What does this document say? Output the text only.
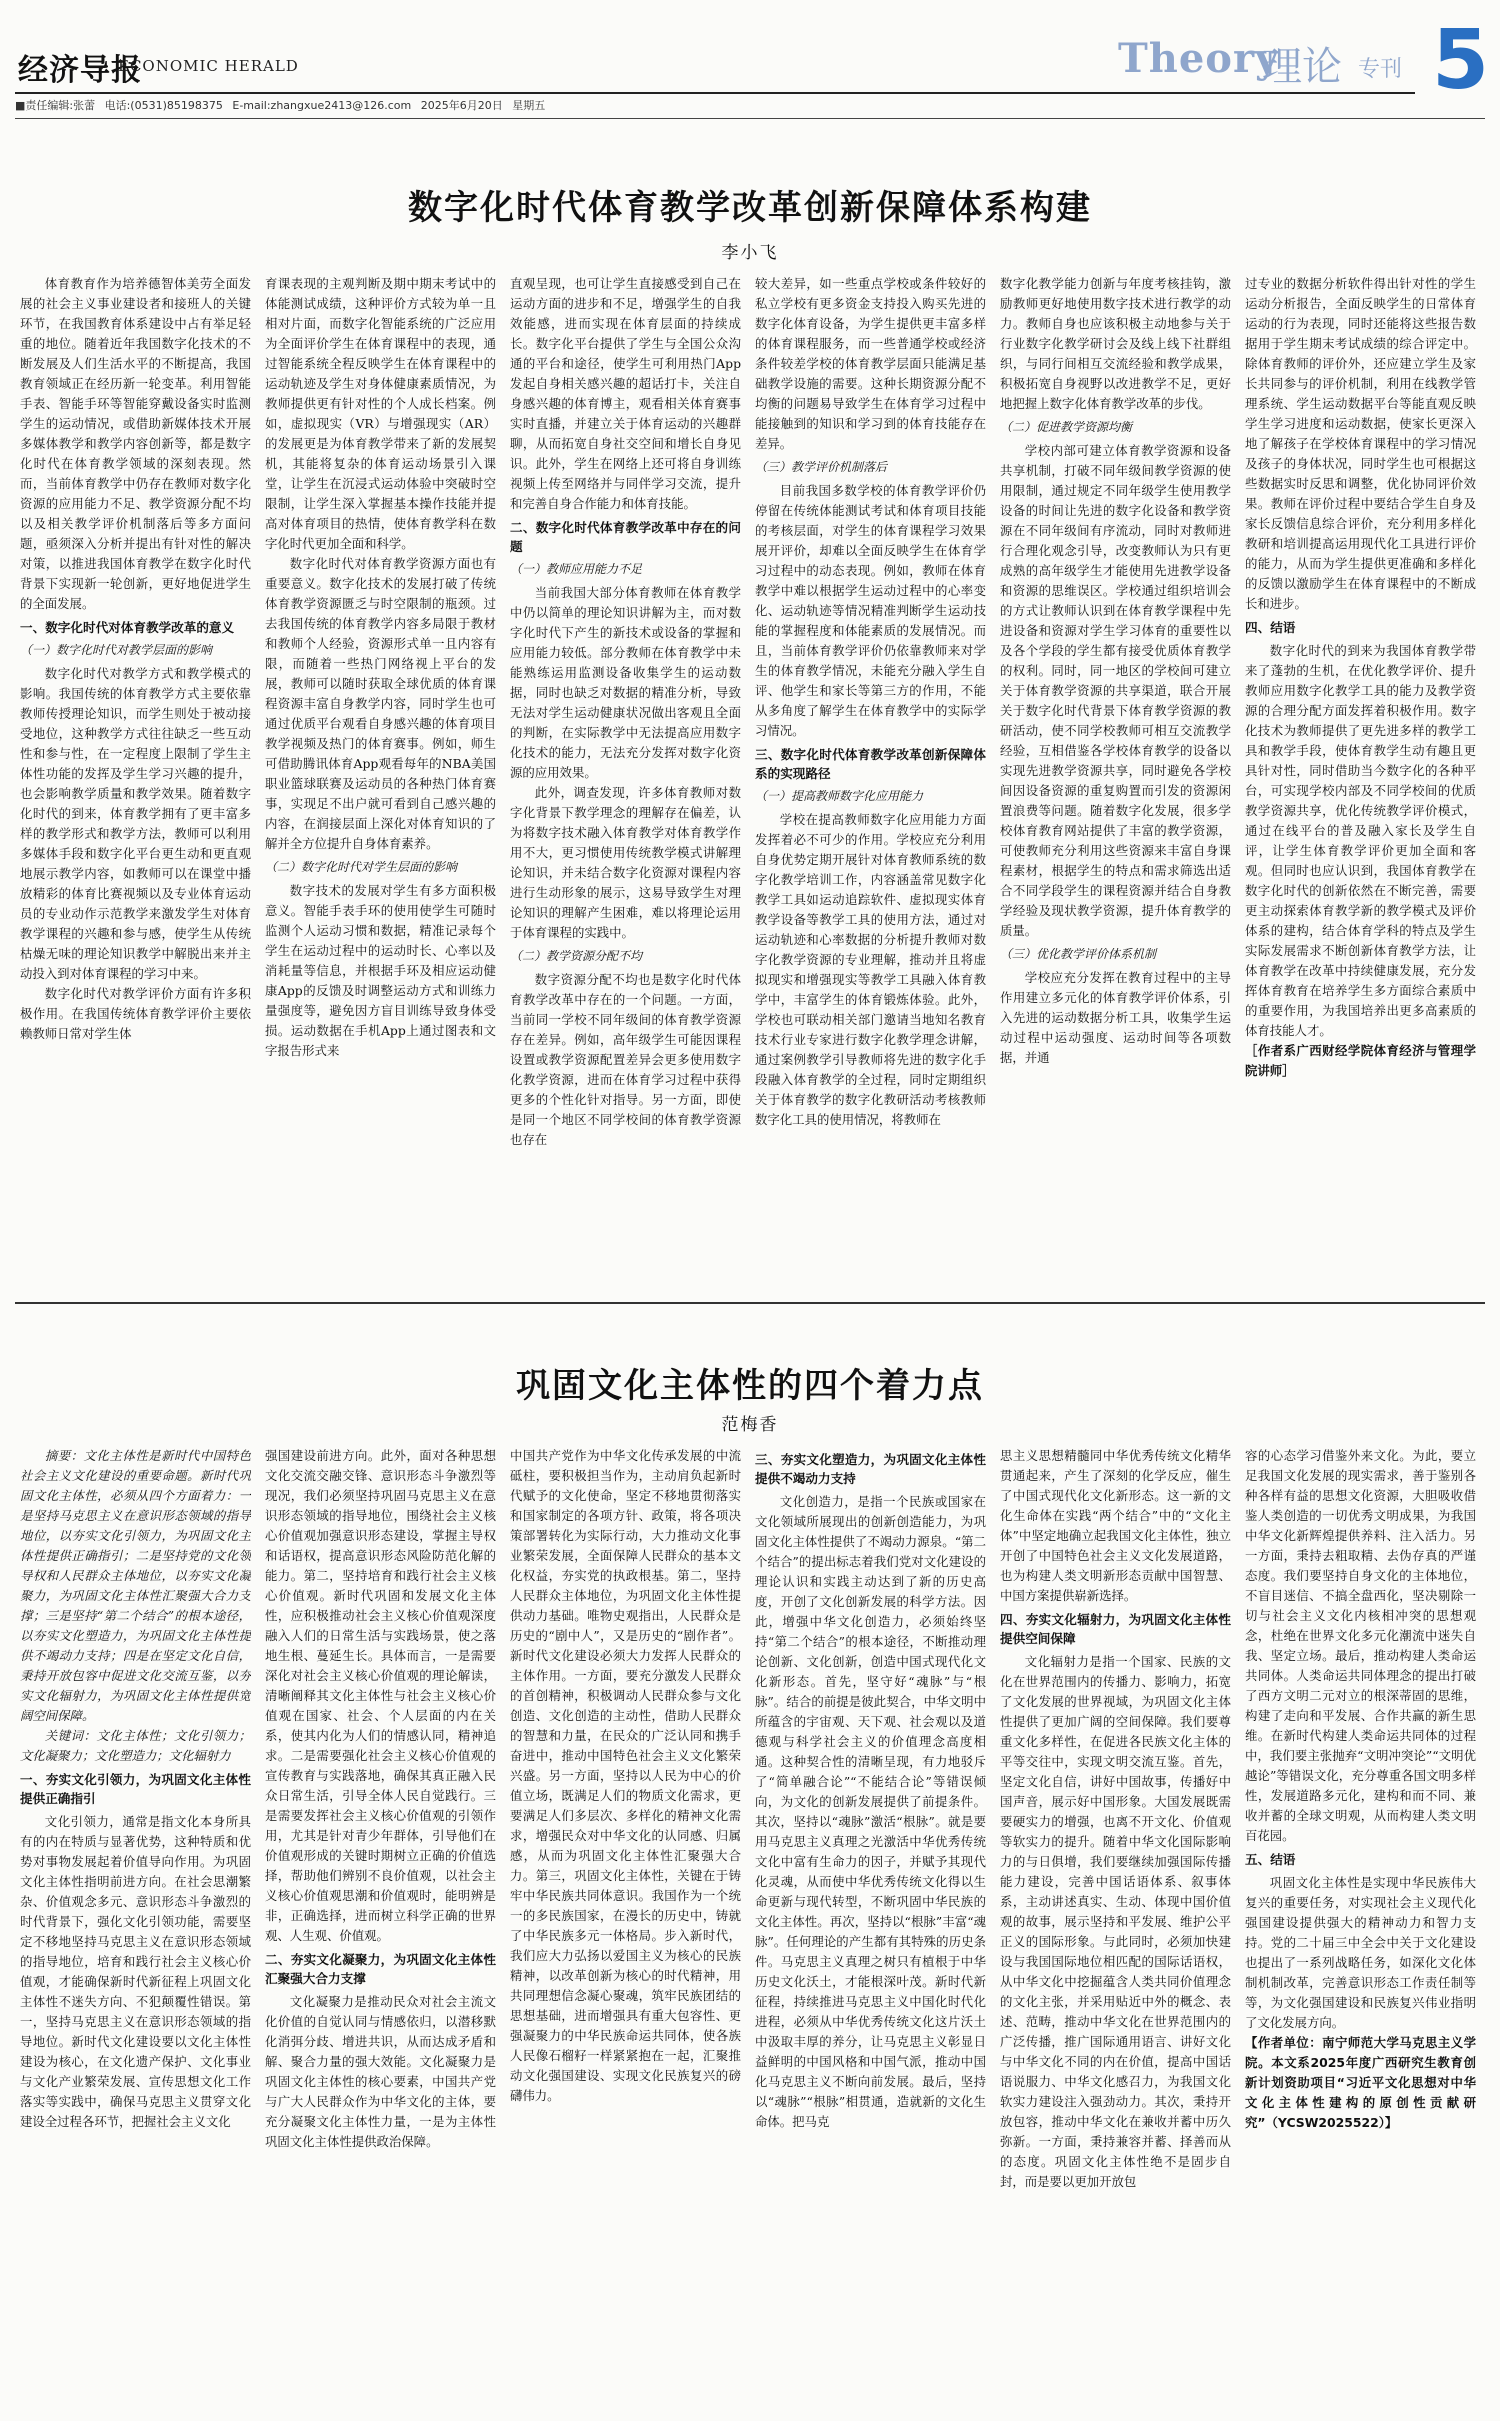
经济导报
ECONOMIC HERALD	Theory
理论 专刊 5
■责任编辑:张蕾 电话:(0531)85198375 E-mail:zhangxue2413@126.com 2025年6月20日 星期五
数字化时代体育教学改革创新保障体系构建
李小飞

体育教育作为培养德智体美劳全面发展的社会主义事业建设者和接班人的关键环节，在我国教育体系建设中占有举足轻重的地位。随着近年我国数字化技术的不断发展及人们生活水平的不断提高，我国教育领域正在经历新一轮变革。利用智能手表、智能手环等智能穿戴设备实时监测学生的运动情况，或借助新媒体技术开展多媒体教学和教学内容创新等，都是数字化时代在体育教学领域的深刻表现。然而，当前体育教学中仍存在教师对数字化资源的应用能力不足、教学资源分配不均以及相关教学评价机制落后等多方面问题，亟须深入分析并提出有针对性的解决对策，以推进我国体育教学在数字化时代背景下实现新一轮创新，更好地促进学生的全面发展。

一、数字化时代对体育教学改革的意义
（一）数字化时代对教学层面的影响

数字化时代对教学方式和教学模式的影响。我国传统的体育教学方式主要依靠教师传授理论知识，而学生则处于被动接受地位，这种教学方式往往缺乏一些互动性和参与性，在一定程度上限制了学生主体性功能的发挥及学生学习兴趣的提升，也会影响教学质量和教学效果。随着数字化时代的到来，体育教学拥有了更丰富多样的教学形式和教学方法，教师可以利用多媒体手段和数字化平台更生动和更直观地展示教学内容，如教师可以在课堂中播放精彩的体育比赛视频以及专业体育运动员的专业动作示范教学来激发学生对体育教学课程的兴趣和参与感，使学生从传统枯燥无味的理论知识教学中解脱出来并主动投入到对体育课程的学习中来。

数字化时代对教学评价方面有许多积极作用。在我国传统体育教学评价主要依赖教师日常对学生体

育课表现的主观判断及期中期末考试中的体能测试成绩，这种评价方式较为单一且相对片面，而数字化智能系统的广泛应用为全面评价学生在体育课程中的表现，通过智能系统全程反映学生在体育课程中的运动轨迹及学生对身体健康素质情况，为教师提供更有针对性的个人成长档案。例如，虚拟现实（VR）与增强现实（AR）的发展更是为体育教学带来了新的发展契机，其能将复杂的体育运动场景引入课堂，让学生在沉浸式运动体验中突破时空限制，让学生深入掌握基本操作技能并提高对体育项目的热情，使体育教学科在数字化时代更加全面和科学。

数字化时代对体育教学资源方面也有重要意义。数字化技术的发展打破了传统体育教学资源匮乏与时空限制的瓶颈。过去我国传统的体育教学内容多局限于教材和教师个人经验，资源形式单一且内容有限，而随着一些热门网络视上平台的发展，教师可以随时获取全球优质的体育课程资源丰富自身教学内容，同时学生也可通过优质平台观看自身感兴趣的体育项目教学视频及热门的体育赛事。例如，师生可借助腾讯体育App观看每年的NBA美国职业篮球联赛及运动员的各种热门体育赛事，实现足不出户就可看到自己感兴趣的内容，在润接层面上深化对体育知识的了解并全方位提升自身体育素养。

（二）数字化时代对学生层面的影响

数字技术的发展对学生有多方面积极意义。智能手表手环的使用使学生可随时监测个人运动习惯和数据，精准记录每个学生在运动过程中的运动时长、心率以及消耗量等信息，并根据手环及相应运动健康App的反馈及时调整运动方式和训练力量强度等，避免因方盲目训练导致身体受损。运动数据在手机App上通过图表和文字报告形式来

直观呈现，也可让学生直接感受到自己在运动方面的进步和不足，增强学生的自我效能感，进而实现在体育层面的持续成长。数字化平台提供了学生与全国公众沟通的平台和途径，使学生可利用热门App发起自身相关感兴趣的超话打卡，关注自身感兴趣的体育博主，观看相关体育赛事实时直播，并建立关于体育运动的兴趣群聊，从而拓宽自身社交空间和增长自身见识。此外，学生在网络上还可将自身训练视频上传至网络并与同伴学习交流，提升和完善自身合作能力和体育技能。

二、数字化时代体育教学改革中存在的问题
（一）教师应用能力不足

当前我国大部分体育教师在体育教学中仍以简单的理论知识讲解为主，而对数字化时代下产生的新技术或设备的掌握和应用能力较低。部分教师在体育教学中未能熟练运用监测设备收集学生的运动数据，同时也缺乏对数据的精准分析，导致无法对学生运动健康状况做出客观且全面的判断，在实际教学中无法提高应用数字化技术的能力，无法充分发挥对数字化资源的应用效果。

此外，调查发现，许多体育教师对数字化背景下教学理念的理解存在偏差，认为将数字技术融入体育教学对体育教学作用不大，更习惯使用传统教学模式讲解理论知识，并未结合数字化资源对课程内容进行生动形象的展示，这易导致学生对理论知识的理解产生困难，难以将理论运用于体育课程的实践中。

（二）教学资源分配不均

数字资源分配不均也是数字化时代体育教学改革中存在的一个问题。一方面，当前同一学校不同年级间的体育教学资源存在差异。例如，高年级学生可能因课程设置或教学资源配置差异会更多使用数字化教学资源，进而在体育学习过程中获得更多的个性化针对指导。另一方面，即使是同一个地区不同学校间的体育教学资源也存在

较大差异，如一些重点学校或条件较好的私立学校有更多资金支持投入购买先进的数字化体育设备，为学生提供更丰富多样的体育课程服务，而一些普通学校或经济条件较差学校的体育教学层面只能满足基础教学设施的需要。这种长期资源分配不均衡的问题易导致学生在体育学习过程中能接触到的知识和学习到的体育技能存在差异。

（三）教学评价机制落后

目前我国多数学校的体育教学评价仍停留在传统体能测试考试和体育项目技能的考核层面，对学生的体育课程学习效果展开评价，却难以全面反映学生在体育学习过程中的动态表现。例如，教师在体育教学中难以根据学生运动过程中的心率变化、运动轨迹等情况精准判断学生运动技能的掌握程度和体能素质的发展情况。而且，当前体育教学评价仍依靠教师来对学生的体育教学情况，未能充分融入学生自评、他学生和家长等第三方的作用，不能从多角度了解学生在体育教学中的实际学习情况。

三、数字化时代体育教学改革创新保障体系的实现路径
（一）提高教师数字化应用能力

学校在提高教师数字化应用能力方面发挥着必不可少的作用。学校应充分利用自身优势定期开展针对体育教师系统的数字化教学培训工作，内容涵盖常见数字化教学工具如运动追踪软件、虚拟现实体育教学设备等教学工具的使用方法，通过对运动轨迹和心率数据的分析提升教师对数字化教学资源的专业理解，推动并且将虚拟现实和增强现实等教学工具融入体育教学中，丰富学生的体育锻炼体验。此外，学校也可联动相关部门邀请当地知名教育技术行业专家进行数字化教学理念讲解，通过案例教学引导教师将先进的数字化手段融入体育教学的全过程，同时定期组织关于体育教学的数字化教研活动考核教师数字化工具的使用情况，将教师在

数字化教学能力创新与年度考核挂钩，激励教师更好地使用数字技术进行教学的动力。教师自身也应该积极主动地参与关于行业数字化教学研讨会及线上线下社群组织，与同行间相互交流经验和教学成果，积极拓宽自身视野以改进教学不足，更好地把握上数字化体育教学改革的步伐。

（二）促进教学资源均衡

学校内部可建立体育教学资源和设备共享机制，打破不同年级间教学资源的使用限制，通过规定不同年级学生使用教学设备的时间让先进的数字化设备和教学资源在不同年级间有序流动，同时对教师进行合理化观念引导，改变教师认为只有更成熟的高年级学生才能使用先进教学设备和资源的思维误区。学校通过组织培训会的方式让教师认识到在体育教学课程中先进设备和资源对学生学习体育的重要性以及各个学段的学生都有接受优质体育教学的权利。同时，同一地区的学校间可建立关于体育教学资源的共享渠道，联合开展关于数字化时代背景下体育教学资源的教研活动，使不同学校教师可相互交流教学经验，互相借鉴各学校体育教学的设备以实现先进教学资源共享，同时避免各学校间因设备资源的重复购置而引发的资源闲置浪费等问题。随着数字化发展，很多学校体育教育网站提供了丰富的教学资源，可使教师充分利用这些资源来丰富自身课程素材，根据学生的特点和需求筛选出适合不同学段学生的课程资源并结合自身教学经验及现状教学资源，提升体育教学的质量。

（三）优化教学评价体系机制

学校应充分发挥在教育过程中的主导作用建立多元化的体育教学评价体系，引入先进的运动数据分析工具，收集学生运动过程中运动强度、运动时间等各项数据，并通

过专业的数据分析软件得出针对性的学生运动分析报告，全面反映学生的日常体育运动的行为表现，同时还能将这些报告数据用于学生期末考试成绩的综合评定中。除体育教师的评价外，还应建立学生及家长共同参与的评价机制，利用在线教学管理系统、学生运动数据平台等能直观反映学生学习进度和运动数据，使家长更深入地了解孩子在学校体育课程中的学习情况及孩子的身体状况，同时学生也可根据这些数据实时反思和调整，优化协同评价效果。教师在评价过程中要结合学生自身及家长反馈信息综合评价，充分利用多样化教研和培训提高运用现代化工具进行评价的能力，从而为学生提供更准确和多样化的反馈以激励学生在体育课程中的不断成长和进步。

四、结语

数字化时代的到来为我国体育教学带来了蓬勃的生机，在优化教学评价、提升教师应用数字化教学工具的能力及教学资源的合理分配方面发挥着积极作用。数字化技术为教师提供了更先进多样的教学工具和教学手段，使体育教学生动有趣且更具针对性，同时借助当今数字化的各种平台，可实现学校内部及不同学校间的优质教学资源共享，优化传统教学评价模式，通过在线平台的普及融入家长及学生自评，让学生体育教学评价更加全面和客观。但同时也应认识到，我国体育教学在数字化时代的创新依然在不断完善，需要更主动探索体育教学新的教学模式及评价体系的建构，结合体育学科的特点及学生实际发展需求不断创新体育教学方法，让体育教学在改革中持续健康发展，充分发挥体育教育在培养学生多方面综合素质中的重要作用，为我国培养出更多高素质的体育技能人才。

［作者系广西财经学院体育经济与管理学院讲师］

巩固文化主体性的四个着力点
范梅香

摘要：文化主体性是新时代中国特色社会主义文化建设的重要命题。新时代巩固文化主体性，必须从四个方面着力：一是坚持马克思主义在意识形态领域的指导地位，以夯实文化引领力，为巩固文化主体性提供正确指引；二是坚持党的文化领导权和人民群众主体地位，以夯实文化凝聚力，为巩固文化主体性汇聚强大合力支撑；三是坚持“第二个结合”的根本途径，以夯实文化塑造力，为巩固文化主体性提供不竭动力支持；四是在坚定文化自信，秉持开放包容中促进文化交流互鉴，以夯实文化辐射力，为巩固文化主体性提供宽阔空间保障。

关键词：文化主体性；文化引领力；文化凝聚力；文化塑造力；文化辐射力

一、夯实文化引领力，为巩固文化主体性提供正确指引

文化引领力，通常是指文化本身所具有的内在特质与显著优势，这种特质和优势对事物发展起着价值导向作用。为巩固文化主体性指明前进方向。在社会思潮繁杂、价值观念多元、意识形态斗争激烈的时代背景下，强化文化引领功能，需要坚定不移地坚持马克思主义在意识形态领域的指导地位，培育和践行社会主义核心价值观，才能确保新时代新征程上巩固文化主体性不迷失方向、不犯颠覆性错误。第一，坚持马克思主义在意识形态领域的指导地位。新时代文化建设要以文化主体性建设为核心，在文化遗产保护、文化事业与文化产业繁荣发展、宣传思想文化工作落实等实践中，确保马克思主义贯穿文化建设全过程各环节，把握社会主义文化

强国建设前进方向。此外，面对各种思想文化交流交融交锋、意识形态斗争激烈等现况，我们必须坚持巩固马克思主义在意识形态领域的指导地位，围绕社会主义核心价值观加强意识形态建设，掌握主导权和话语权，提高意识形态风险防范化解的能力。第二，坚持培育和践行社会主义核心价值观。新时代巩固和发展文化主体性，应积极推动社会主义核心价值观深度融入人们的日常生活与实践场景，使之落地生根、蔓延生长。具体而言，一是需要深化对社会主义核心价值观的理论解读，清晰阐释其文化主体性与社会主义核心价值观在国家、社会、个人层面的内在关系，使其内化为人们的情感认同，精神追求。二是需要强化社会主义核心价值观的宣传教育与实践落地，确保其真正融入民众日常生活，引导全体人民自觉践行。三是需要发挥社会主义核心价值观的引领作用，尤其是针对青少年群体，引导他们在价值观形成的关键时期树立正确的价值选择，帮助他们辨别不良价值观，以社会主义核心价值观思潮和价值观时，能明辨是非，正确选择，进而树立科学正确的世界观、人生观、价值观。

二、夯实文化凝聚力，为巩固文化主体性汇聚强大合力支撑

文化凝聚力是推动民众对社会主流文化价值的自觉认同与情感依归，以潜移默化消弭分歧、增进共识，从而达成矛盾和解、聚合力量的强大效能。文化凝聚力是巩固文化主体性的核心要素，中国共产党与广大人民群众作为中华文化的主体，要充分凝聚文化主体性力量，一是为主体性巩固文化主体性提供政治保障。

中国共产党作为中华文化传承发展的中流砥柱，要积极担当作为，主动肩负起新时代赋予的文化使命，坚定不移地贯彻落实和国家制定的各项方针、政策，将各项决策部署转化为实际行动，大力推动文化事业繁荣发展，全面保障人民群众的基本文化权益，夯实党的执政根基。第二，坚持人民群众主体地位，为巩固文化主体性提供动力基础。唯物史观指出，人民群众是历史的“剧中人”，又是历史的“剧作者”。新时代文化建设必须大力发挥人民群众的主体作用。一方面，要充分激发人民群众的首创精神，积极调动人民群众参与文化创造、文化创造的主动性，借助人民群众的智慧和力量，在民众的广泛认同和携手奋进中，推动中国特色社会主义文化繁荣兴盛。另一方面，坚持以人民为中心的价值立场，既满足人们的物质文化需求，更要满足人们多层次、多样化的精神文化需求，增强民众对中华文化的认同感、归属感，从而为巩固文化主体性汇聚强大合力。第三，巩固文化主体性，关键在于铸牢中华民族共同体意识。我国作为一个统一的多民族国家，在漫长的历史中，铸就了中华民族多元一体格局。步入新时代，我们应大力弘扬以爱国主义为核心的民族精神，以改革创新为核心的时代精神，用共同理想信念凝心聚魂，筑牢民族团结的思想基础，进而增强具有重大包容性、更强凝聚力的中华民族命运共同体，使各族人民像石榴籽一样紧紧抱在一起，汇聚推动文化强国建设、实现文化民族复兴的磅礴伟力。

三、夯实文化塑造力，为巩固文化主体性提供不竭动力支持

文化创造力，是指一个民族或国家在文化领域所展现出的创新创造能力，为巩固文化主体性提供了不竭动力源泉。“第二个结合”的提出标志着我们党对文化建设的理论认识和实践主动达到了新的历史高度，开创了文化创新发展的科学方法。因此，增强中华文化创造力，必须始终坚持“第二个结合”的根本途径，不断推动理论创新、文化创新，创造中国式现代化文化新形态。首先，坚守好“魂脉”与“根脉”。结合的前提是彼此契合，中华文明中所蕴含的宇宙观、天下观、社会观以及道德观与科学社会主义的价值理念高度相通。这种契合性的清晰呈现，有力地驳斥了“简单融合论”“不能结合论”等错误倾向，为文化的创新发展提供了前提条件。其次，坚持以“魂脉”激活“根脉”。就是要用马克思主义真理之光激活中华优秀传统文化中富有生命力的因子，并赋予其现代化灵魂，从而使中华优秀传统文化得以生命更新与现代转型，不断巩固中华民族的文化主体性。再次，坚持以“根脉”丰富“魂脉”。任何理论的产生都有其特殊的历史条件。马克思主义真理之树只有植根于中华历史文化沃土，才能根深叶茂。新时代新征程，持续推进马克思主义中国化时代化进程，必须从中华优秀传统文化这片沃土中汲取丰厚的养分，让马克思主义彰显日益鲜明的中国风格和中国气派，推动中国化马克思主义不断向前发展。最后，坚持以“魂脉”“根脉”相贯通，造就新的文化生命体。把马克

思主义思想精髓同中华优秀传统文化精华贯通起来，产生了深刻的化学反应，催生了中国式现代化文化新形态。这一新的文化生命体在实践“两个结合”中的“文化主体”中坚定地确立起我国文化主体性，独立开创了中国特色社会主义文化发展道路，也为构建人类文明新形态贡献中国智慧、中国方案提供崭新选择。

四、夯实文化辐射力，为巩固文化主体性提供空间保障

文化辐射力是指一个国家、民族的文化在世界范围内的传播力、影响力，拓宽了文化发展的世界视域，为巩固文化主体性提供了更加广阔的空间保障。我们要尊重文化多样性，在促进各民族文化主体的平等交往中，实现文明交流互鉴。首先，坚定文化自信，讲好中国故事，传播好中国声音，展示好中国形象。大国发展既需要硬实力的增强，也离不开文化、价值观等软实力的提升。随着中华文化国际影响力的与日俱增，我们要继续加强国际传播能力建设，完善中国话语体系、叙事体系，主动讲述真实、生动、体现中国价值观的故事，展示坚持和平发展、维护公平正义的国际形象。与此同时，必须加快建设与我国国际地位相匹配的国际话语权，从中华文化中挖掘蕴含人类共同价值理念的文化主张，并采用贴近中外的概念、表述、范畴，推动中华文化在世界范围内的广泛传播，推广国际通用语言、讲好文化与中华文化不同的内在价值，提高中国话语说服力、中华文化感召力，为我国文化软实力建设注入强劲动力。其次，秉持开放包容，推动中华文化在兼收并蓄中历久弥新。一方面，秉持兼容并蓄、择善而从的态度。巩固文化主体性绝不是固步自封，而是要以更加开放包

容的心态学习借鉴外来文化。为此，要立足我国文化发展的现实需求，善于鉴别各种各样有益的思想文化资源，大胆吸收借鉴人类创造的一切优秀文明成果，为我国中华文化新辉煌提供养料、注入活力。另一方面，秉持去粗取精、去伪存真的严谨态度。我们要坚持自身文化的主体地位，不盲目迷信、不搞全盘西化，坚决剔除一切与社会主义文化内核相冲突的思想观念，杜绝在世界文化多元化潮流中迷失自我、坚定立场。最后，推动构建人类命运共同体。人类命运共同体理念的提出打破了西方文明二元对立的根深蒂固的思维，构建了走向和平发展、合作共赢的新生思维。在新时代构建人类命运共同体的过程中，我们要主张抛弃“文明冲突论”“文明优越论”等错误文化，充分尊重各国文明多样性，发展道路多元化，建构和而不同、兼收并蓄的全球文明观，从而构建人类文明百花园。

五、结语

巩固文化主体性是实现中华民族伟大复兴的重要任务，对实现社会主义现代化强国建设提供强大的精神动力和智力支持。党的二十届三中全会中关于文化建设也提出了一系列战略任务，如深化文化体制机制改革，完善意识形态工作责任制等等，为文化强国建设和民族复兴伟业指明了文化发展方向。

【作者单位：南宁师范大学马克思主义学院。本文系2025年度广西研究生教育创新计划资助项目“习近平文化思想对中华文化主体性建构的原创性贡献研究”（YCSW2025522）】
